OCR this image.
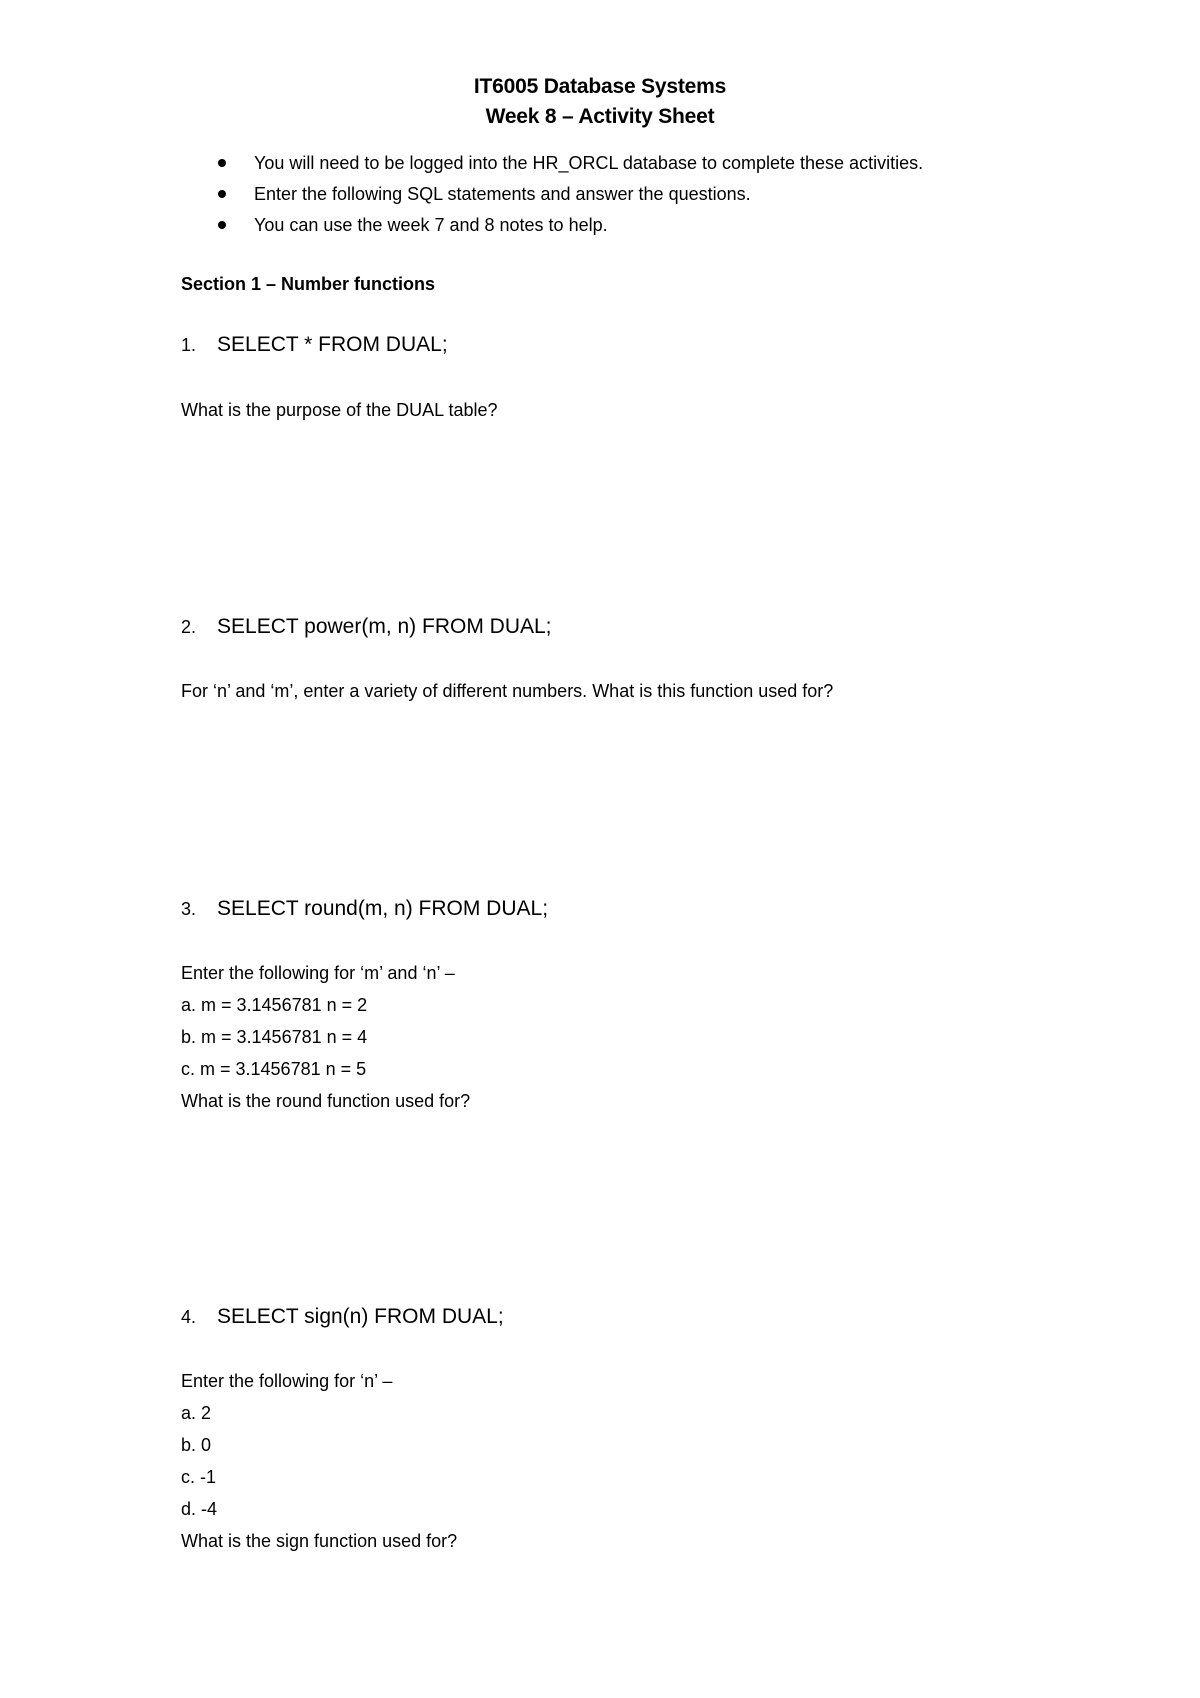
IT6005 Database Systems
Week 8 – Activity Sheet
You will need to be logged into the HR_ORCL database to complete these activities.
Enter the following SQL statements and answer the questions.
You can use the week 7 and 8 notes to help.
Section 1 – Number functions
1. SELECT * FROM DUAL;
What is the purpose of the DUAL table?
2. SELECT power(m, n) FROM DUAL;
For ‘n’ and ‘m’, enter a variety of different numbers. What is this function used for?
3. SELECT round(m, n) FROM DUAL;
Enter the following for ‘m’ and ‘n’ –
a. m = 3.1456781 n = 2
b. m = 3.1456781 n = 4
c. m = 3.1456781 n = 5
What is the round function used for?
4. SELECT sign(n) FROM DUAL;
Enter the following for ‘n’ –
a. 2
b. 0
c. -1
d. -4
What is the sign function used for?
